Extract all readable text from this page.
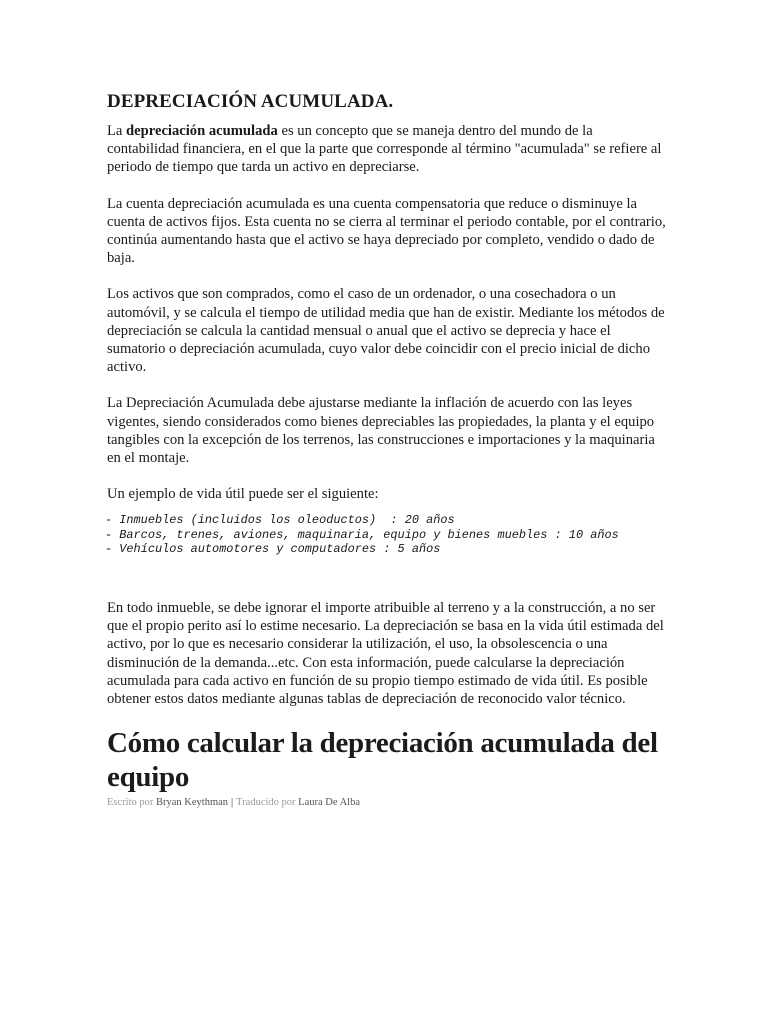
DEPRECIACIÓN ACUMULADA.

La depreciación acumulada es un concepto que se maneja dentro del mundo de la contabilidad financiera, en el que la parte que corresponde al término "acumulada" se refiere al periodo de tiempo que tarda un activo en depreciarse.

La cuenta depreciación acumulada es una cuenta compensatoria que reduce o disminuye la cuenta de activos fijos. Esta cuenta no se cierra al terminar el periodo contable, por el contrario, continúa aumentando hasta que el activo se haya depreciado por completo, vendido o dado de baja.

Los activos que son comprados, como el caso de un ordenador, o una cosechadora o un automóvil, y se calcula el tiempo de utilidad media que han de existir. Mediante los métodos de depreciación se calcula la cantidad mensual o anual que el activo se deprecia y hace el sumatorio o depreciación acumulada, cuyo valor debe coincidir con el precio inicial de dicho activo.

La Depreciación Acumulada debe ajustarse mediante la inflación de acuerdo con las leyes vigentes, siendo considerados como bienes depreciables las propiedades, la planta y el equipo tangibles con la excepción de los terrenos, las construcciones e importaciones y la maquinaria en el montaje.

Un ejemplo de vida útil puede ser el siguiente:

- Inmuebles (incluidos los oleoductos)  : 20 años
- Barcos, trenes, aviones, maquinaria, equipo y bienes muebles : 10 años
- Vehículos automotores y computadores : 5 años

En todo inmueble, se debe ignorar el importe atribuible al terreno y a la construcción, a no ser que el propio perito así lo estime necesario. La depreciación se basa en la vida útil estimada del activo, por lo que es necesario considerar la utilización, el uso, la obsolescencia o una disminución de la demanda...etc. Con esta información, puede calcularse la depreciación acumulada para cada activo en función de su propio tiempo estimado de vida útil. Es posible obtener estos datos mediante algunas tablas de depreciación de reconocido valor técnico.

Cómo calcular la depreciación acumulada del equipo
Escrito por Bryan Keythman | Traducido por Laura De Alba
